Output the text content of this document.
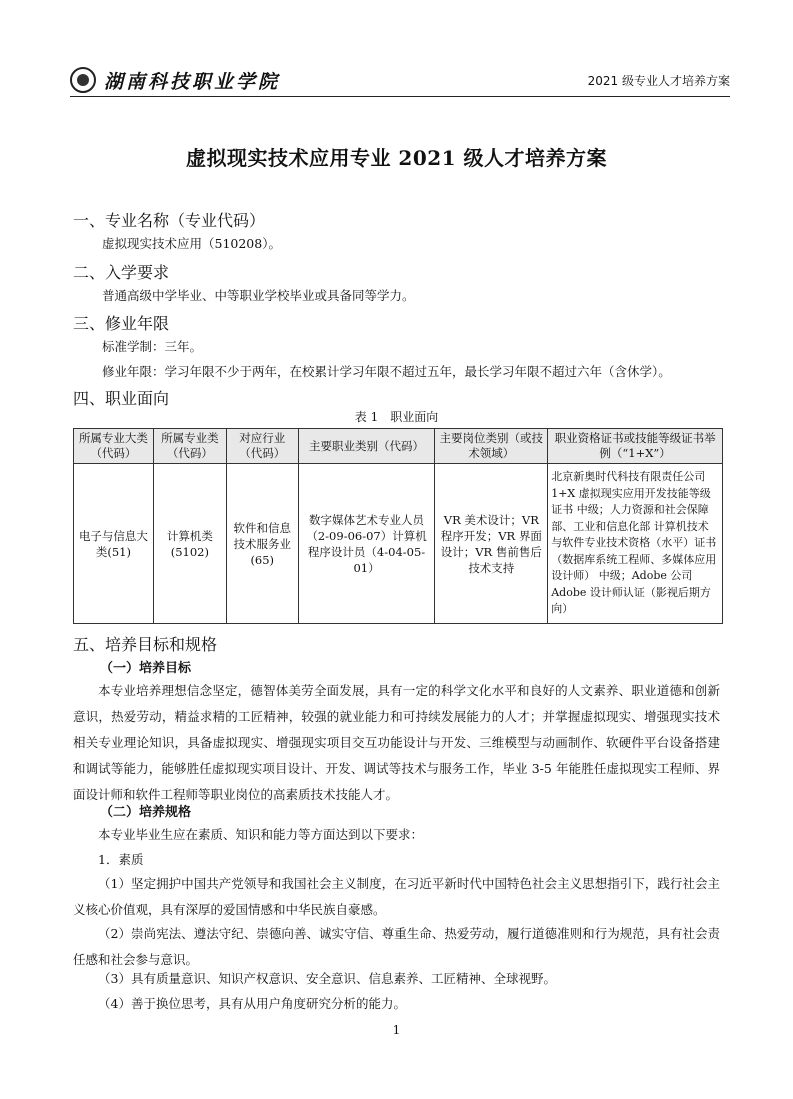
湖南科技职业学院	2021 级专业人才培养方案
虚拟现实技术应用专业 2021 级人才培养方案
一、专业名称（专业代码）
虚拟现实技术应用（510208）。
二、入学要求
普通高级中学毕业、中等职业学校毕业或具备同等学力。
三、修业年限
标准学制：三年。
修业年限：学习年限不少于两年，在校累计学习年限不超过五年，最长学习年限不超过六年（含休学）。
四、职业面向
表 1　职业面向
所属专业大类（代码）	所属专业类（代码）	对应行业（代码）	主要职业类别（代码）	主要岗位类别（或技术领域）	职业资格证书或技能等级证书举例（“1+X”）
电子与信息大类(51)	计算机类(5102)	软件和信息技术服务业(65)	数字媒体艺术专业人员（2-09-06-07）计算机程序设计员（4-04-05-01）	VR 美术设计；VR 程序开发；VR 界面设计；VR 售前售后技术支持	北京新奥时代科技有限责任公司 1+X 虚拟现实应用开发技能等级证书 中级；人力资源和社会保障部、工业和信息化部 计算机技术与软件专业技术资格（水平）证书（数据库系统工程师、多媒体应用设计师） 中级；Adobe 公司 Adobe 设计师认证（影视后期方向）
五、培养目标和规格
（一）培养目标
本专业培养理想信念坚定，德智体美劳全面发展，具有一定的科学文化水平和良好的人文素养、职业道德和创新意识，热爱劳动，精益求精的工匠精神，较强的就业能力和可持续发展能力的人才；并掌握虚拟现实、增强现实技术相关专业理论知识，具备虚拟现实、增强现实项目交互功能设计与开发、三维模型与动画制作、软硬件平台设备搭建和调试等能力，能够胜任虚拟现实项目设计、开发、调试等技术与服务工作，毕业 3-5 年能胜任虚拟现实工程师、界面设计师和软件工程师等职业岗位的高素质技术技能人才。
（二）培养规格
本专业毕业生应在素质、知识和能力等方面达到以下要求：
1．素质
（1）坚定拥护中国共产党领导和我国社会主义制度，在习近平新时代中国特色社会主义思想指引下，践行社会主义核心价值观，具有深厚的爱国情感和中华民族自豪感。
（2）崇尚宪法、遵法守纪、崇德向善、诚实守信、尊重生命、热爱劳动，履行道德准则和行为规范，具有社会责任感和社会参与意识。
（3）具有质量意识、知识产权意识、安全意识、信息素养、工匠精神、全球视野。
（4）善于换位思考，具有从用户角度研究分析的能力。
1
